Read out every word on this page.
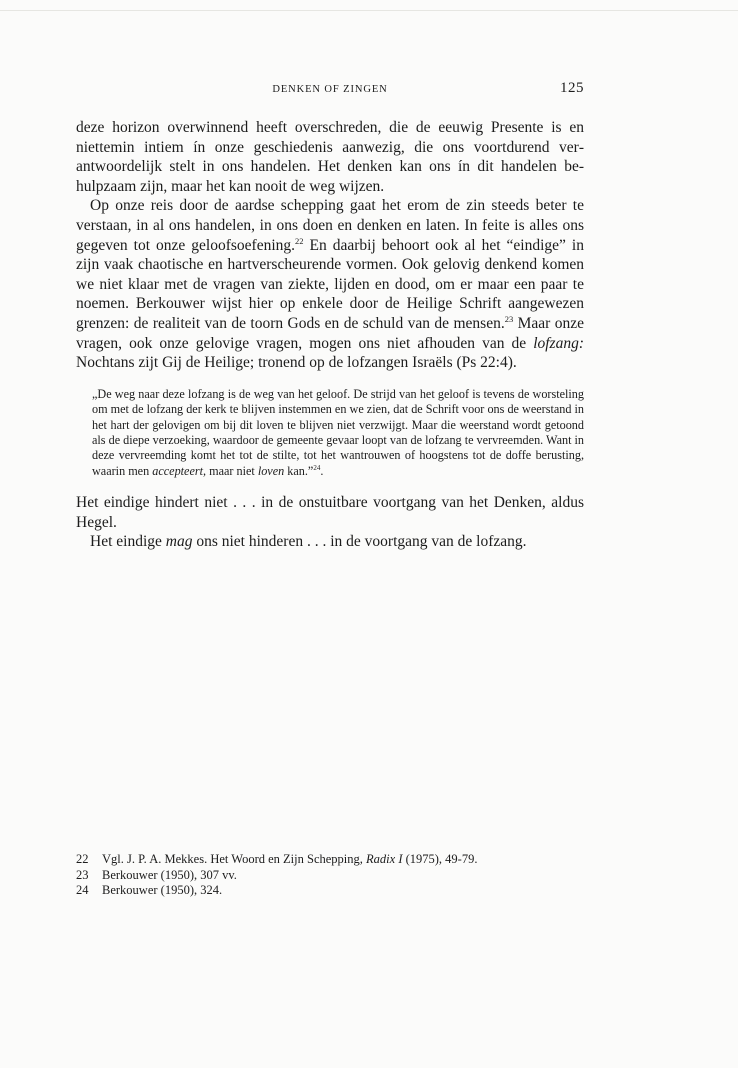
DENKEN OF ZINGEN	125

deze horizon overwinnend heeft overschreden, die de eeuwig Presente is en niettemin intiem ín onze geschiedenis aanwezig, die ons voortdurend verantwoordelijk stelt in ons handelen. Het denken kan ons ín dit handelen behulpzaam zijn, maar het kan nooit de weg wijzen.

Op onze reis door de aardse schepping gaat het erom de zin steeds beter te verstaan, in al ons handelen, in ons doen en denken en laten. In feite is alles ons gegeven tot onze geloofsoefening.$^{22}$ En daarbij behoort ook al het “eindige” in zijn vaak chaotische en hartverscheurende vormen. Ook gelovig denkend komen we niet klaar met de vragen van ziekte, lijden en dood, om er maar een paar te noemen. Berkouwer wijst hier op enkele door de Heilige Schrift aangewezen grenzen: de realiteit van de toorn Gods en de schuld van de mensen.$^{23}$ Maar onze vragen, ook onze gelovige vragen, mogen ons niet afhouden van de lofzang: Nochtans zijt Gij de Heilige; tronend op de lofzangen Israëls (Ps 22:4).

„De weg naar deze lofzang is de weg van het geloof. De strijd van het geloof is tevens de worsteling om met de lofzang der kerk te blijven instemmen en we zien, dat de Schrift voor ons de weerstand in het hart der gelovigen om bij dit loven te blijven niet verzwijgt. Maar die weerstand wordt getoond als de diepe verzoeking, waardoor de gemeente gevaar loopt van de lofzang te vervreemden. Want in deze vervreemding komt het tot de stilte, tot het wantrouwen of hoogstens tot de doffe berusting, waarin men accepteert, maar niet loven kan.”$^{24}$.

Het eindige hindert niet . . . in de onstuitbare voortgang van het Denken, aldus Hegel.

Het eindige mag ons niet hinderen . . . in de voortgang van de lofzang.

22	Vgl. J. P. A. Mekkes. Het Woord en Zijn Schepping, Radix I (1975), 49-79.
23	Berkouwer (1950), 307 vv.
24	Berkouwer (1950), 324.
